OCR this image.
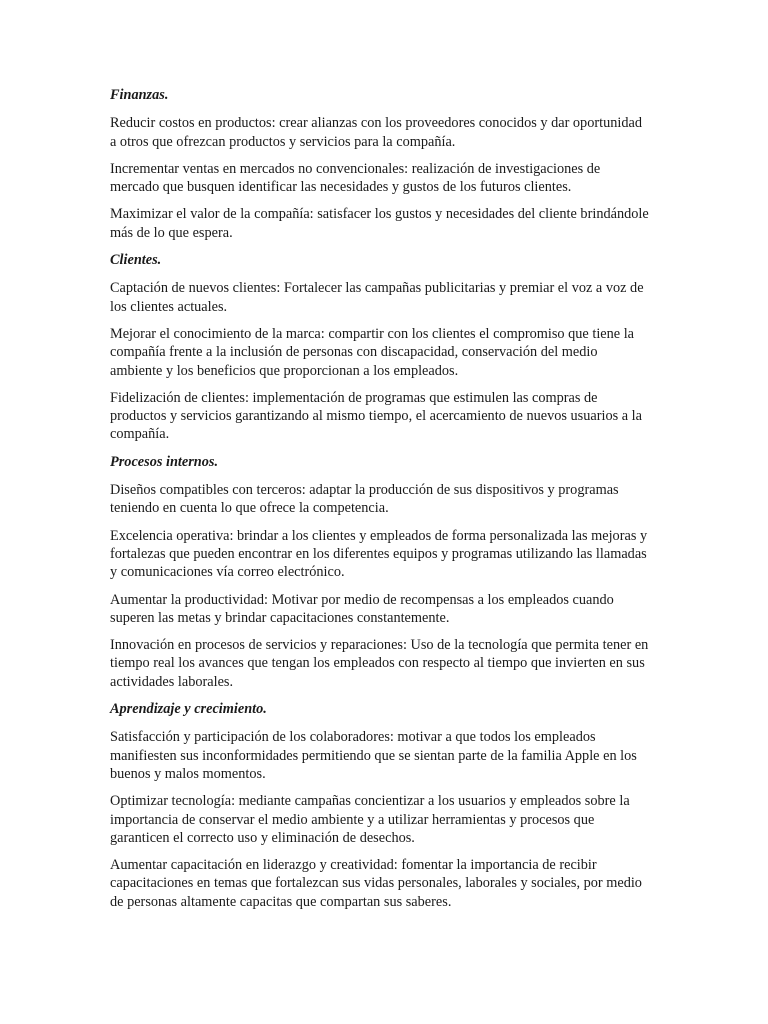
Finanzas.

Reducir costos en productos: crear alianzas con los proveedores conocidos y dar oportunidad a otros que ofrezcan productos y servicios para la compañía.

Incrementar ventas en mercados no convencionales: realización de investigaciones de mercado que busquen identificar las necesidades y gustos de los futuros clientes.

Maximizar el valor de la compañía: satisfacer los gustos y necesidades del cliente brindándole más de lo que espera.

Clientes.

Captación de nuevos clientes: Fortalecer las campañas publicitarias y premiar el voz a voz de los clientes actuales.

Mejorar el conocimiento de la marca: compartir con los clientes el compromiso que tiene la compañía frente a la inclusión de personas con discapacidad, conservación del medio ambiente y los beneficios que proporcionan a los empleados.

Fidelización de clientes: implementación de programas que estimulen las compras de productos y servicios garantizando al mismo tiempo, el acercamiento de nuevos usuarios a la compañía.

Procesos internos.

Diseños compatibles con terceros: adaptar la producción de sus dispositivos y programas teniendo en cuenta lo que ofrece la competencia.

Excelencia operativa: brindar a los clientes y empleados de forma personalizada las mejoras y fortalezas que pueden encontrar en los diferentes equipos y programas utilizando las llamadas y comunicaciones vía correo electrónico.

Aumentar la productividad: Motivar por medio de recompensas a los empleados cuando superen las metas y brindar capacitaciones constantemente.

Innovación en procesos de servicios y reparaciones: Uso de la tecnología que permita tener en tiempo real los avances que tengan los empleados con respecto al tiempo que invierten en sus actividades laborales.

Aprendizaje y crecimiento.

Satisfacción y participación de los colaboradores: motivar a que todos los empleados manifiesten sus inconformidades permitiendo que se sientan parte de la familia Apple en los buenos y malos momentos.

Optimizar tecnología: mediante campañas concientizar a los usuarios y empleados sobre la importancia de conservar el medio ambiente y a utilizar herramientas y procesos que garanticen el correcto uso y eliminación de desechos.

Aumentar capacitación en liderazgo y creatividad: fomentar la importancia de recibir capacitaciones en temas que fortalezcan sus vidas personales, laborales y sociales, por medio de personas altamente capacitas que compartan sus saberes.
